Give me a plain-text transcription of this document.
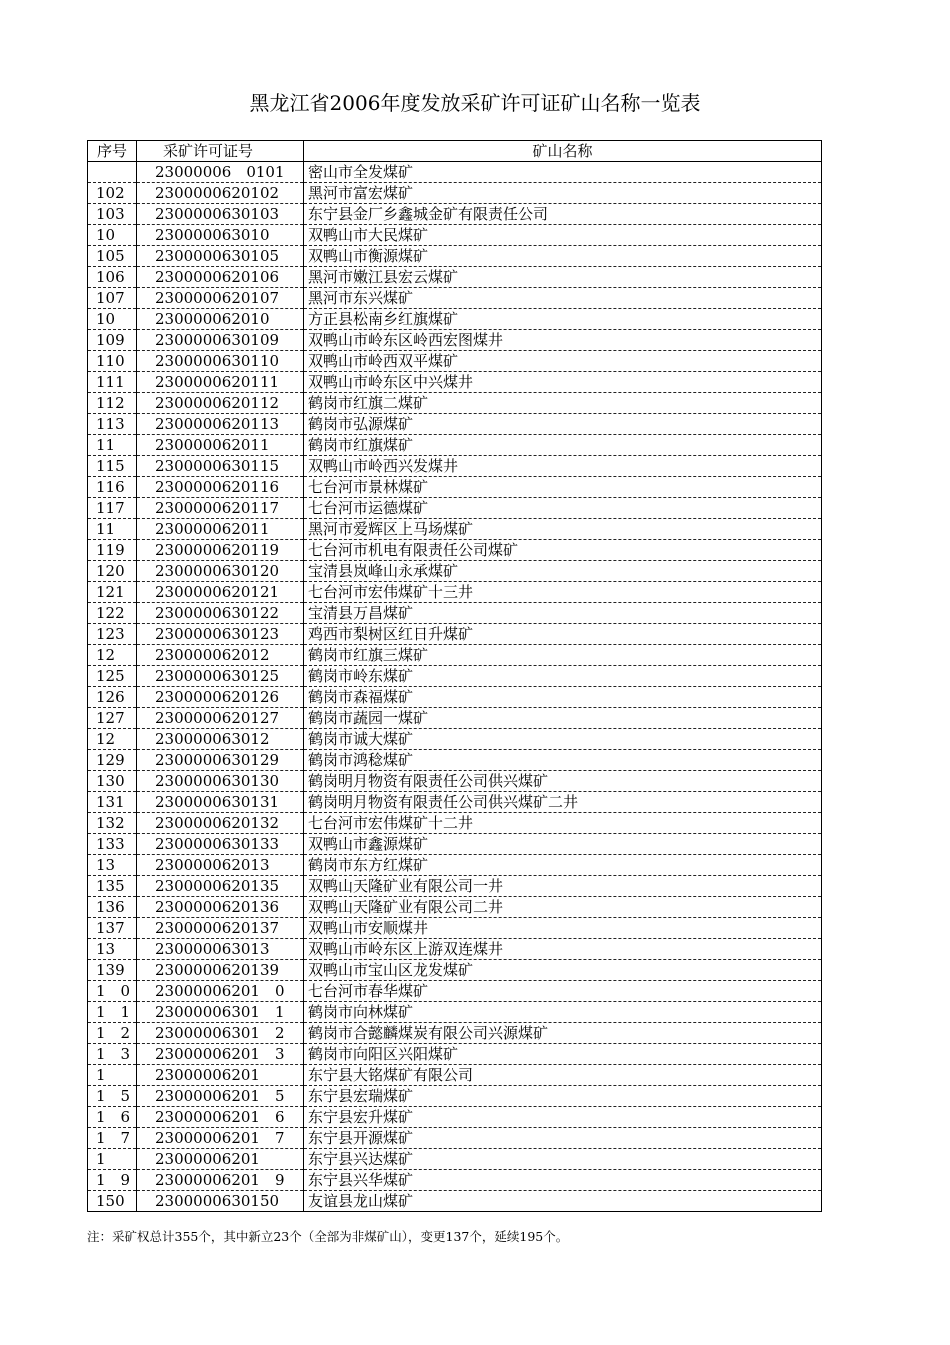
黑龙江省2006年度发放采矿许可证矿山名称一览表
序号	采矿许可证号	矿山名称
	23000006　0101	密山市全发煤矿
102	2300000620102	黑河市富宏煤矿
103	2300000630103	东宁县金厂乡鑫城金矿有限责任公司
10	230000063010	双鸭山市大民煤矿
105	2300000630105	双鸭山市衡源煤矿
106	2300000620106	黑河市嫩江县宏云煤矿
107	2300000620107	黑河市东兴煤矿
10	230000062010	方正县松南乡红旗煤矿
109	2300000630109	双鸭山市岭东区岭西宏图煤井
110	2300000630110	双鸭山市岭西双平煤矿
111	2300000620111	双鸭山市岭东区中兴煤井
112	2300000620112	鹤岗市红旗二煤矿
113	2300000620113	鹤岗市弘源煤矿
11	230000062011	鹤岗市红旗煤矿
115	2300000630115	双鸭山市岭西兴发煤井
116	2300000620116	七台河市景林煤矿
117	2300000620117	七台河市运德煤矿
11	230000062011	黑河市爱辉区上马场煤矿
119	2300000620119	七台河市机电有限责任公司煤矿
120	2300000630120	宝清县岚峰山永承煤矿
121	2300000620121	七台河市宏伟煤矿十三井
122	2300000630122	宝清县万昌煤矿
123	2300000630123	鸡西市梨树区红日升煤矿
12	230000062012	鹤岗市红旗三煤矿
125	2300000630125	鹤岗市岭东煤矿
126	2300000620126	鹤岗市森福煤矿
127	2300000620127	鹤岗市蔬园一煤矿
12	230000063012	鹤岗市诚大煤矿
129	2300000630129	鹤岗市鸿稔煤矿
130	2300000630130	鹤岗明月物资有限责任公司供兴煤矿
131	2300000630131	鹤岗明月物资有限责任公司供兴煤矿二井
132	2300000620132	七台河市宏伟煤矿十二井
133	2300000630133	双鸭山市鑫源煤矿
13	230000062013	鹤岗市东方红煤矿
135	2300000620135	双鸭山天隆矿业有限公司一井
136	2300000620136	双鸭山天隆矿业有限公司二井
137	2300000620137	双鸭山市安顺煤井
13	230000063013	双鸭山市岭东区上游双连煤井
139	2300000620139	双鸭山市宝山区龙发煤矿
1　0	23000006201　0	七台河市春华煤矿
1　1	23000006301　1	鹤岗市向林煤矿
1　2	23000006301　2	鹤岗市合懿麟煤炭有限公司兴源煤矿
1　3	23000006201　3	鹤岗市向阳区兴阳煤矿
1	23000006201	东宁县大铭煤矿有限公司
1　5	23000006201　5	东宁县宏瑞煤矿
1　6	23000006201　6	东宁县宏升煤矿
1　7	23000006201　7	东宁县开源煤矿
1	23000006201	东宁县兴达煤矿
1　9	23000006201　9	东宁县兴华煤矿
150	2300000630150	友谊县龙山煤矿
注：采矿权总计355个，其中新立23个（全部为非煤矿山），变更137个，延续195个。
